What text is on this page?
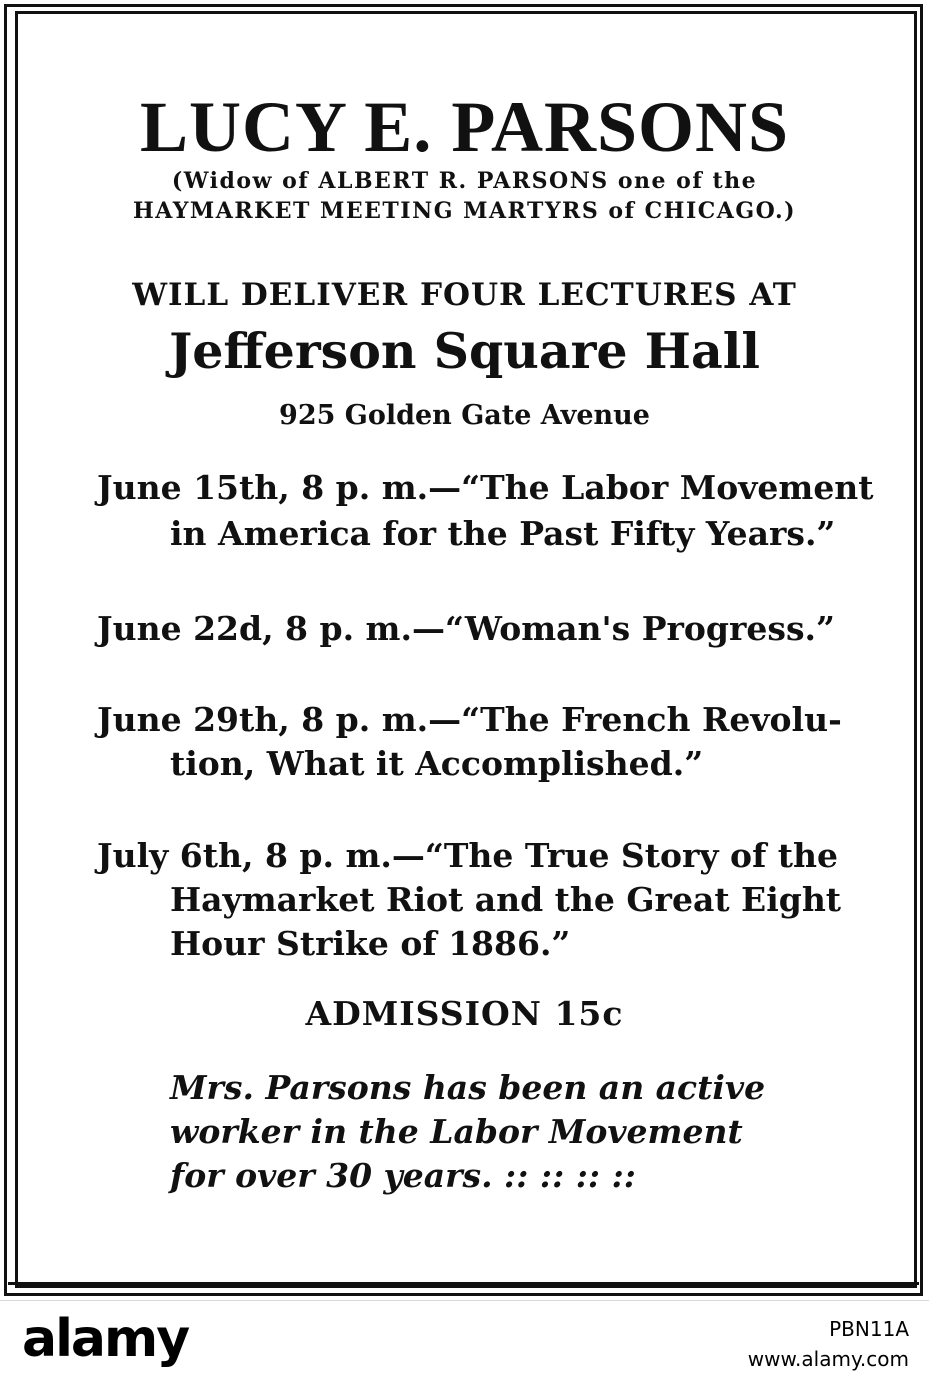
LUCY E. PARSONS

(Widow of ALBERT R. PARSONS one of the

HAYMARKET MEETING MARTYRS of CHICAGO.)

WILL DELIVER FOUR LECTURES AT

Jefferson Square Hall

925 Golden Gate Avenue

June 15th, 8 p. m.—“The Labor Movement

in America for the Past Fifty Years.”

June 22d, 8 p. m.—“Woman's Progress.”

June 29th, 8 p. m.—“The French Revolu-

tion, What it Accomplished.”

July 6th, 8 p. m.—“The True Story of the

Haymarket Riot and the Great Eight

Hour Strike of 1886.”

ADMISSION 15c

Mrs. Parsons has been an active

worker in the Labor Movement

for over 30 years. :: :: :: ::

alamy	PBN11A

www.alamy.com
